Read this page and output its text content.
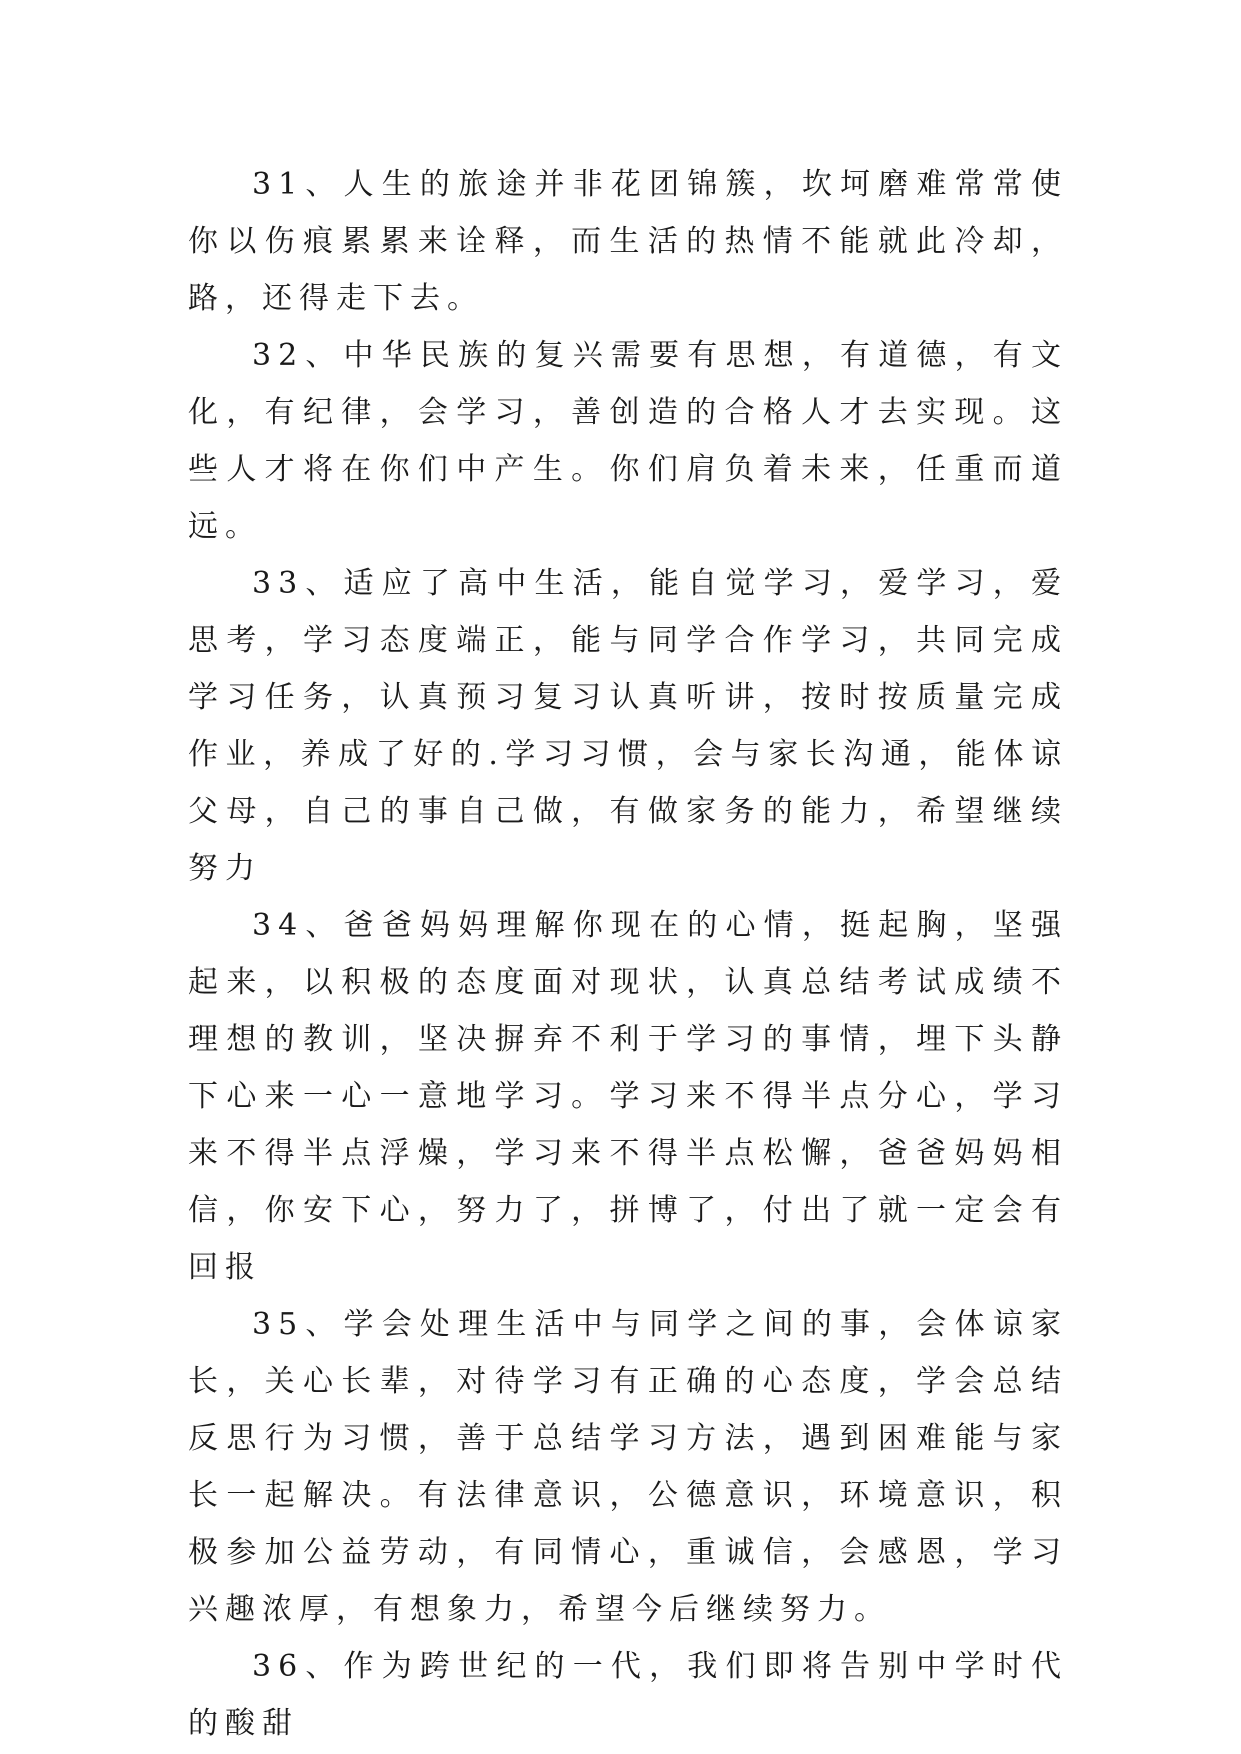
31、人生的旅途并非花团锦簇，坎坷磨难常常使你以伤痕累累来诠释，而生活的热情不能就此冷却，路，还得走下去。

32、中华民族的复兴需要有思想，有道德，有文化，有纪律，会学习，善创造的合格人才去实现。这些人才将在你们中产生。你们肩负着未来，任重而道远。

33、适应了高中生活，能自觉学习，爱学习，爱思考，学习态度端正，能与同学合作学习，共同完成学习任务，认真预习复习认真听讲，按时按质量完成作业，养成了好的.学习习惯，会与家长沟通，能体谅父母，自己的事自己做，有做家务的能力，希望继续努力

34、爸爸妈妈理解你现在的心情，挺起胸，坚强起来，以积极的态度面对现状，认真总结考试成绩不理想的教训，坚决摒弃不利于学习的事情，埋下头静下心来一心一意地学习。学习来不得半点分心，学习来不得半点浮燥，学习来不得半点松懈，爸爸妈妈相信，你安下心，努力了，拼博了，付出了就一定会有回报

35、学会处理生活中与同学之间的事，会体谅家长，关心长辈，对待学习有正确的心态度，学会总结反思行为习惯，善于总结学习方法，遇到困难能与家长一起解决。有法律意识，公德意识，环境意识，积极参加公益劳动，有同情心，重诚信，会感恩，学习兴趣浓厚，有想象力，希望今后继续努力。

36、作为跨世纪的一代，我们即将告别中学时代的酸甜
